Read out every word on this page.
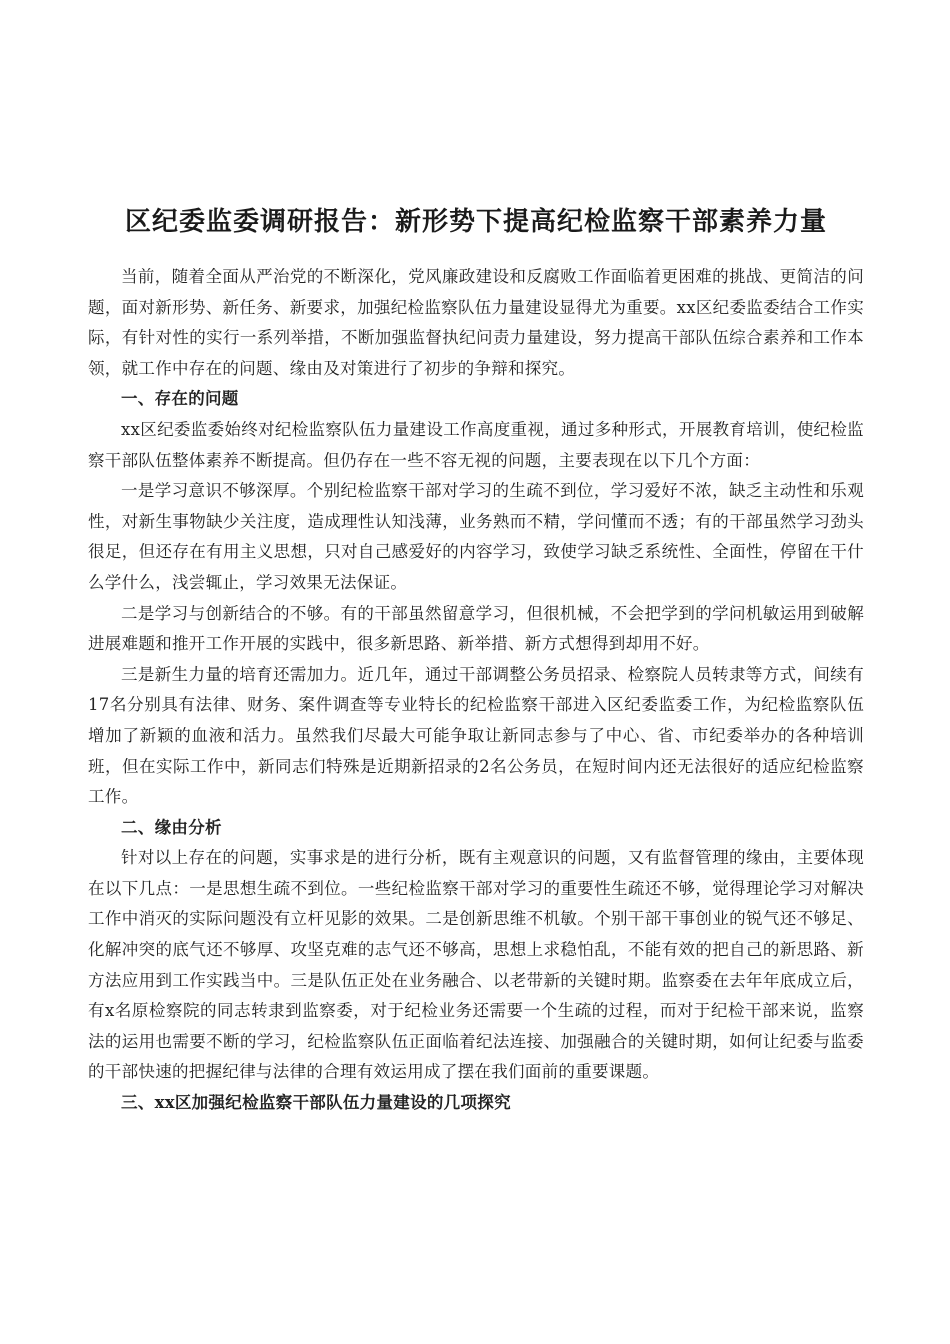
区纪委监委调研报告：新形势下提高纪检监察干部素养力量

当前，随着全面从严治党的不断深化，党风廉政建设和反腐败工作面临着更困难的挑战、更简洁的问题，面对新形势、新任务、新要求，加强纪检监察队伍力量建设显得尤为重要。xx区纪委监委结合工作实际，有针对性的实行一系列举措，不断加强监督执纪问责力量建设，努力提高干部队伍综合素养和工作本领，就工作中存在的问题、缘由及对策进行了初步的争辩和探究。

一、存在的问题

xx区纪委监委始终对纪检监察队伍力量建设工作高度重视，通过多种形式，开展教育培训，使纪检监察干部队伍整体素养不断提高。但仍存在一些不容无视的问题，主要表现在以下几个方面：

一是学习意识不够深厚。个别纪检监察干部对学习的生疏不到位，学习爱好不浓，缺乏主动性和乐观性，对新生事物缺少关注度，造成理性认知浅薄，业务熟而不精，学问懂而不透；有的干部虽然学习劲头很足，但还存在有用主义思想，只对自己感爱好的内容学习，致使学习缺乏系统性、全面性，停留在干什么学什么，浅尝辄止，学习效果无法保证。

二是学习与创新结合的不够。有的干部虽然留意学习，但很机械，不会把学到的学问机敏运用到破解进展难题和推开工作开展的实践中，很多新思路、新举措、新方式想得到却用不好。

三是新生力量的培育还需加力。近几年，通过干部调整公务员招录、检察院人员转隶等方式，间续有17名分别具有法律、财务、案件调查等专业特长的纪检监察干部进入区纪委监委工作，为纪检监察队伍增加了新颖的血液和活力。虽然我们尽最大可能争取让新同志参与了中心、省、市纪委举办的各种培训班，但在实际工作中，新同志们特殊是近期新招录的2名公务员，在短时间内还无法很好的适应纪检监察工作。

二、缘由分析

针对以上存在的问题，实事求是的进行分析，既有主观意识的问题，又有监督管理的缘由，主要体现在以下几点：一是思想生疏不到位。一些纪检监察干部对学习的重要性生疏还不够，觉得理论学习对解决工作中消灭的实际问题没有立杆见影的效果。二是创新思维不机敏。个别干部干事创业的锐气还不够足、化解冲突的底气还不够厚、攻坚克难的志气还不够高，思想上求稳怕乱，不能有效的把自己的新思路、新方法应用到工作实践当中。三是队伍正处在业务融合、以老带新的关键时期。监察委在去年年底成立后，有x名原检察院的同志转隶到监察委，对于纪检业务还需要一个生疏的过程，而对于纪检干部来说，监察法的运用也需要不断的学习，纪检监察队伍正面临着纪法连接、加强融合的关键时期，如何让纪委与监委的干部快速的把握纪律与法律的合理有效运用成了摆在我们面前的重要课题。

三、xx区加强纪检监察干部队伍力量建设的几项探究
